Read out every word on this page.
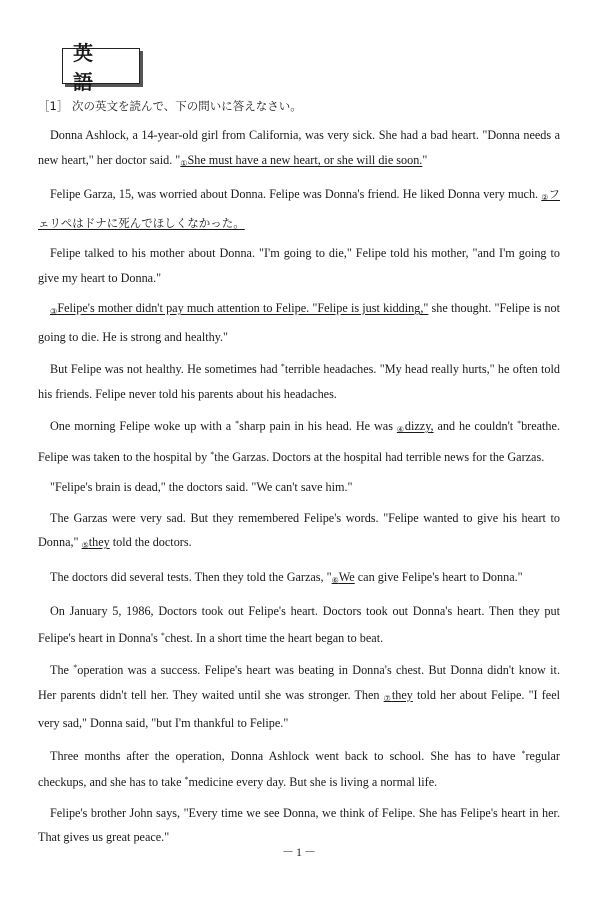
英 語
［1］ 次の英文を読んで、下の問いに答えなさい。

Donna Ashlock, a 14-year-old girl from California, was very sick. She had a bad heart. "Donna needs a new heart," her doctor said. "①She must have a new heart, or she will die soon."

Felipe Garza, 15, was worried about Donna. Felipe was Donna's friend. He liked Donna very much. ②フェリペはドナに死んでほしくなかった。

Felipe talked to his mother about Donna. "I'm going to die," Felipe told his mother, "and I'm going to give my heart to Donna."

③Felipe's mother didn't pay much attention to Felipe. "Felipe is just kidding," she thought. "Felipe is not going to die. He is strong and healthy."

But Felipe was not healthy. He sometimes had *terrible headaches. "My head really hurts," he often told his friends. Felipe never told his parents about his headaches.

One morning Felipe woke up with a *sharp pain in his head. He was ④dizzy, and he couldn't *breathe. Felipe was taken to the hospital by *the Garzas. Doctors at the hospital had terrible news for the Garzas.

"Felipe's brain is dead," the doctors said. "We can't save him."

The Garzas were very sad. But they remembered Felipe's words. "Felipe wanted to give his heart to Donna," ⑤they told the doctors.

The doctors did several tests. Then they told the Garzas, "⑥We can give Felipe's heart to Donna."

On January 5, 1986, Doctors took out Felipe's heart. Doctors took out Donna's heart. Then they put Felipe's heart in Donna's *chest. In a short time the heart began to beat.

The *operation was a success. Felipe's heart was beating in Donna's chest. But Donna didn't know it. Her parents didn't tell her. They waited until she was stronger. Then ⑦they told her about Felipe. "I feel very sad," Donna said, "but I'm thankful to Felipe."

Three months after the operation, Donna Ashlock went back to school. She has to have *regular checkups, and she has to take *medicine every day. But she is living a normal life.

Felipe's brother John says, "Every time we see Donna, we think of Felipe. She has Felipe's heart in her. That gives us great peace."

－1－
